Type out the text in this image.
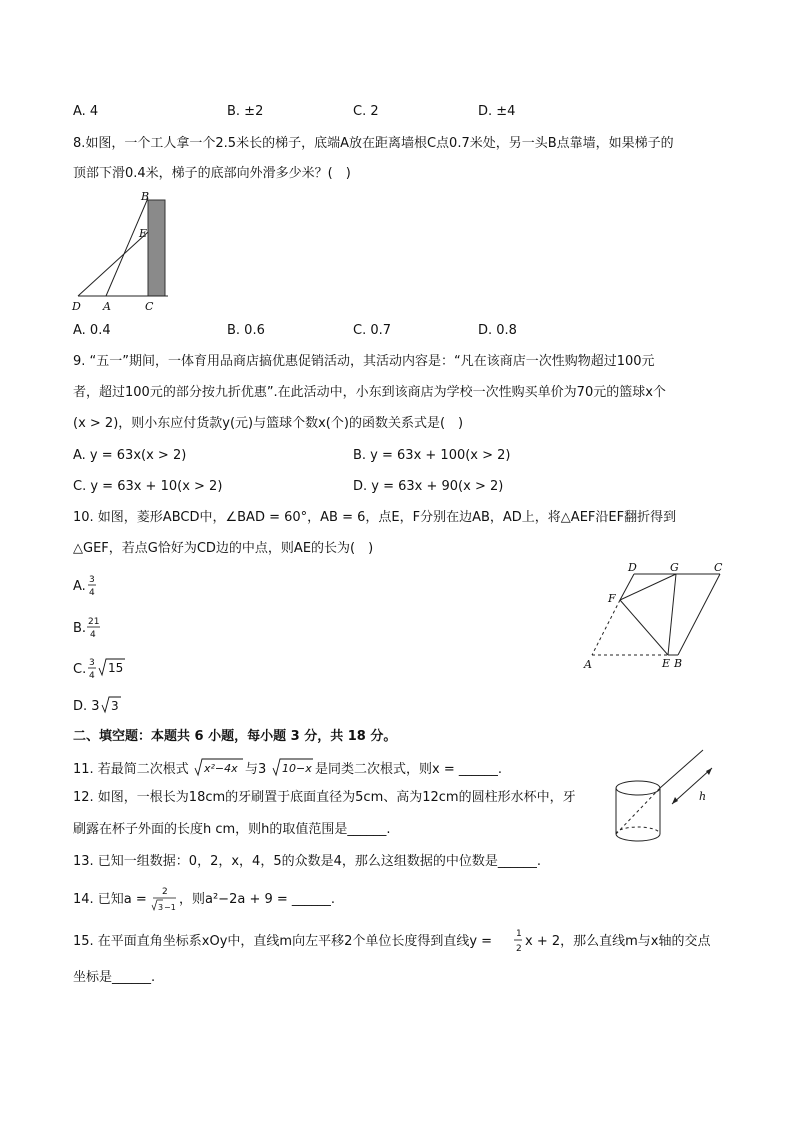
A. 4	B. ±2	C. 2	D. ±4
8.如图，一个工人拿一个2.5米长的梯子，底端A放在距离墙根C点0.7米处，另一头B点靠墙，如果梯子的
顶部下滑0.4米，梯子的底部向外滑多少米？(　)
B
E
D A	C
A. 0.4	B. 0.6	C. 0.7	D. 0.8
9. “五一”期间，一体育用品商店搞优惠促销活动，其活动内容是：“凡在该商店一次性购物超过100元
者，超过100元的部分按九折优惠”.在此活动中，小东到该商店为学校一次性购买单价为70元的篮球x个
(x > 2)，则小东应付货款y(元)与篮球个数x(个)的函数关系式是(　)
A. y = 63x(x > 2)	B. y = 63x + 100(x > 2)
C. y = 63x + 10(x > 2)	D. y = 63x + 90(x > 2)
10. 如图，菱形ABCD中，∠BAD = 60°，AB = 6，点E，F分别在边AB，AD上，将△AEF沿EF翻折得到
△GEF，若点G恰好为CD边的中点，则AE的长为(　)
D	G	C
F
A	E B
A. 3
4
B. 21
4
C. 3
4
15
D. 3 3
二、填空题：本题共 6 小题，每小题 3 分，共 18 分。
11. 若最简二次根式 x²−4x 与3 10−x 是同类二次根式，则x = ______.
12. 如图，一根长为18cm的牙刷置于底面直径为5cm、高为12cm的圆柱形水杯中，牙
刷露在杯子外面的长度h cm，则h的取值范围是______.
h
13. 已知一组数据：0，2，x，4，5的众数是4，那么这组数据的中位数是______.
14. 已知a = 2
3 −1
，则a²−2a + 9 = ______.
15. 在平面直角坐标系xOy中，直线m向左平移2个单位长度得到直线y =	1
2 x + 2，那么直线m与x轴的交点
坐标是______.
